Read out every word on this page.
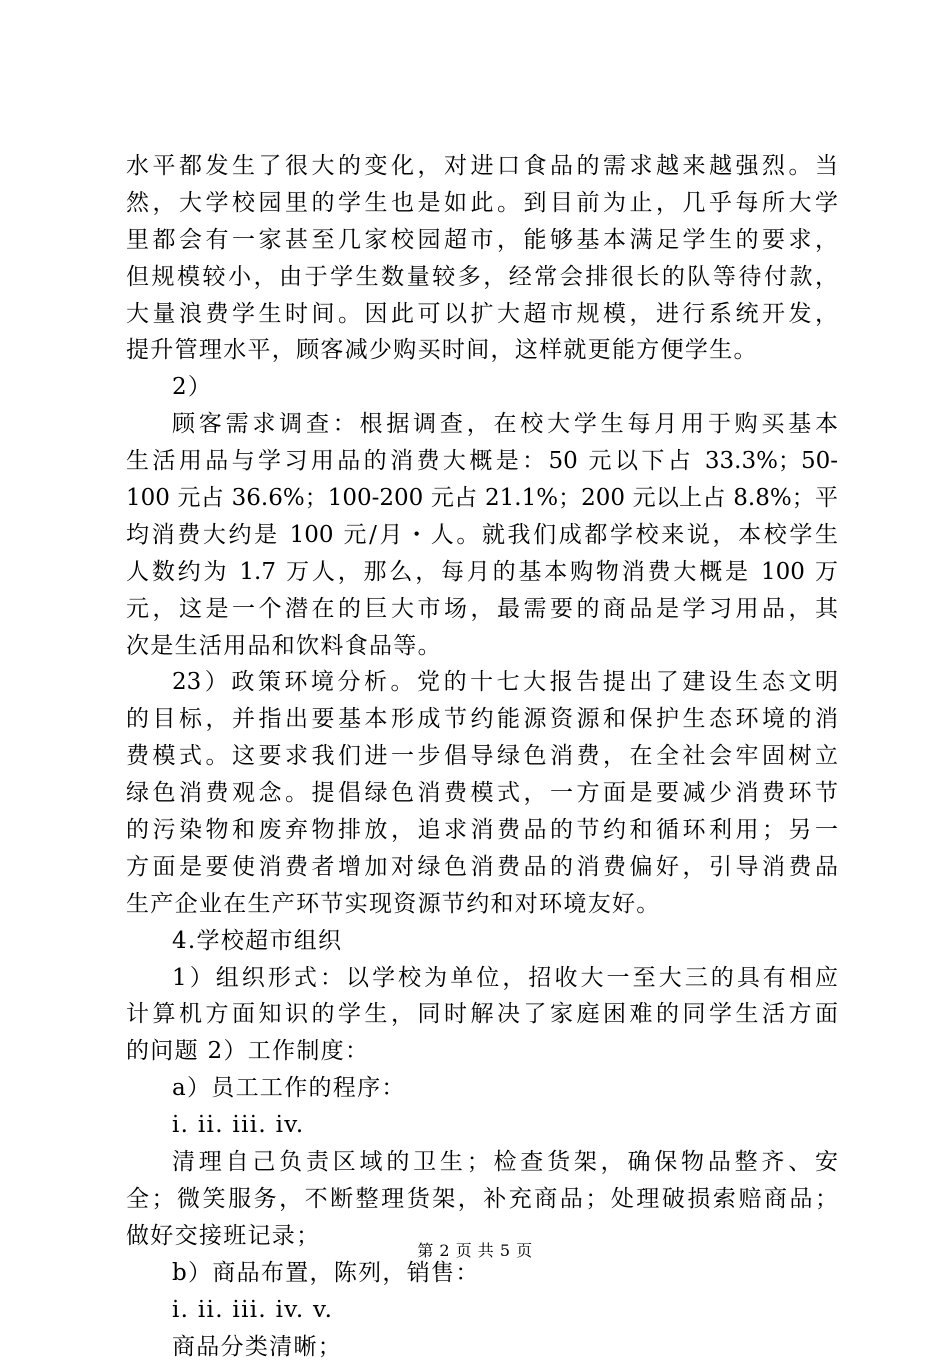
水平都发生了很大的变化，对进口食品的需求越来越强烈。当
然，大学校园里的学生也是如此。到目前为止，几乎每所大学
里都会有一家甚至几家校园超市，能够基本满足学生的要求，
但规模较小，由于学生数量较多，经常会排很长的队等待付款，
大量浪费学生时间。因此可以扩大超市规模，进行系统开发，
提升管理水平，顾客减少购买时间，这样就更能方便学生。
2）
顾客需求调查：根据调查，在校大学生每月用于购买基本
生活用品与学习用品的消费大概是：50 元以下占 33.3%；50-
100 元占 36.6%；100-200 元占 21.1%；200 元以上占 8.8%；平
均消费大约是 100 元/月・人。就我们成都学校来说，本校学生
人数约为 1.7 万人，那么，每月的基本购物消费大概是 100 万
元，这是一个潜在的巨大市场，最需要的商品是学习用品，其
次是生活用品和饮料食品等。
23）政策环境分析。党的十七大报告提出了建设生态文明
的目标，并指出要基本形成节约能源资源和保护生态环境的消
费模式。这要求我们进一步倡导绿色消费，在全社会牢固树立
绿色消费观念。提倡绿色消费模式，一方面是要减少消费环节
的污染物和废弃物排放，追求消费品的节约和循环利用；另一
方面是要使消费者增加对绿色消费品的消费偏好，引导消费品
生产企业在生产环节实现资源节约和对环境友好。
4.学校超市组织
1）组织形式：以学校为单位，招收大一至大三的具有相应
计算机方面知识的学生，同时解决了家庭困难的同学生活方面
的问题 2）工作制度：
a）员工工作的程序：
i. ii. iii. iv.
清理自己负责区域的卫生；检查货架，确保物品整齐、安
全；微笑服务，不断整理货架，补充商品；处理破损索赔商品；
做好交接班记录；
b）商品布置，陈列，销售：
i. ii. iii. iv. v.
商品分类清晰；
第 2 页 共 5 页
